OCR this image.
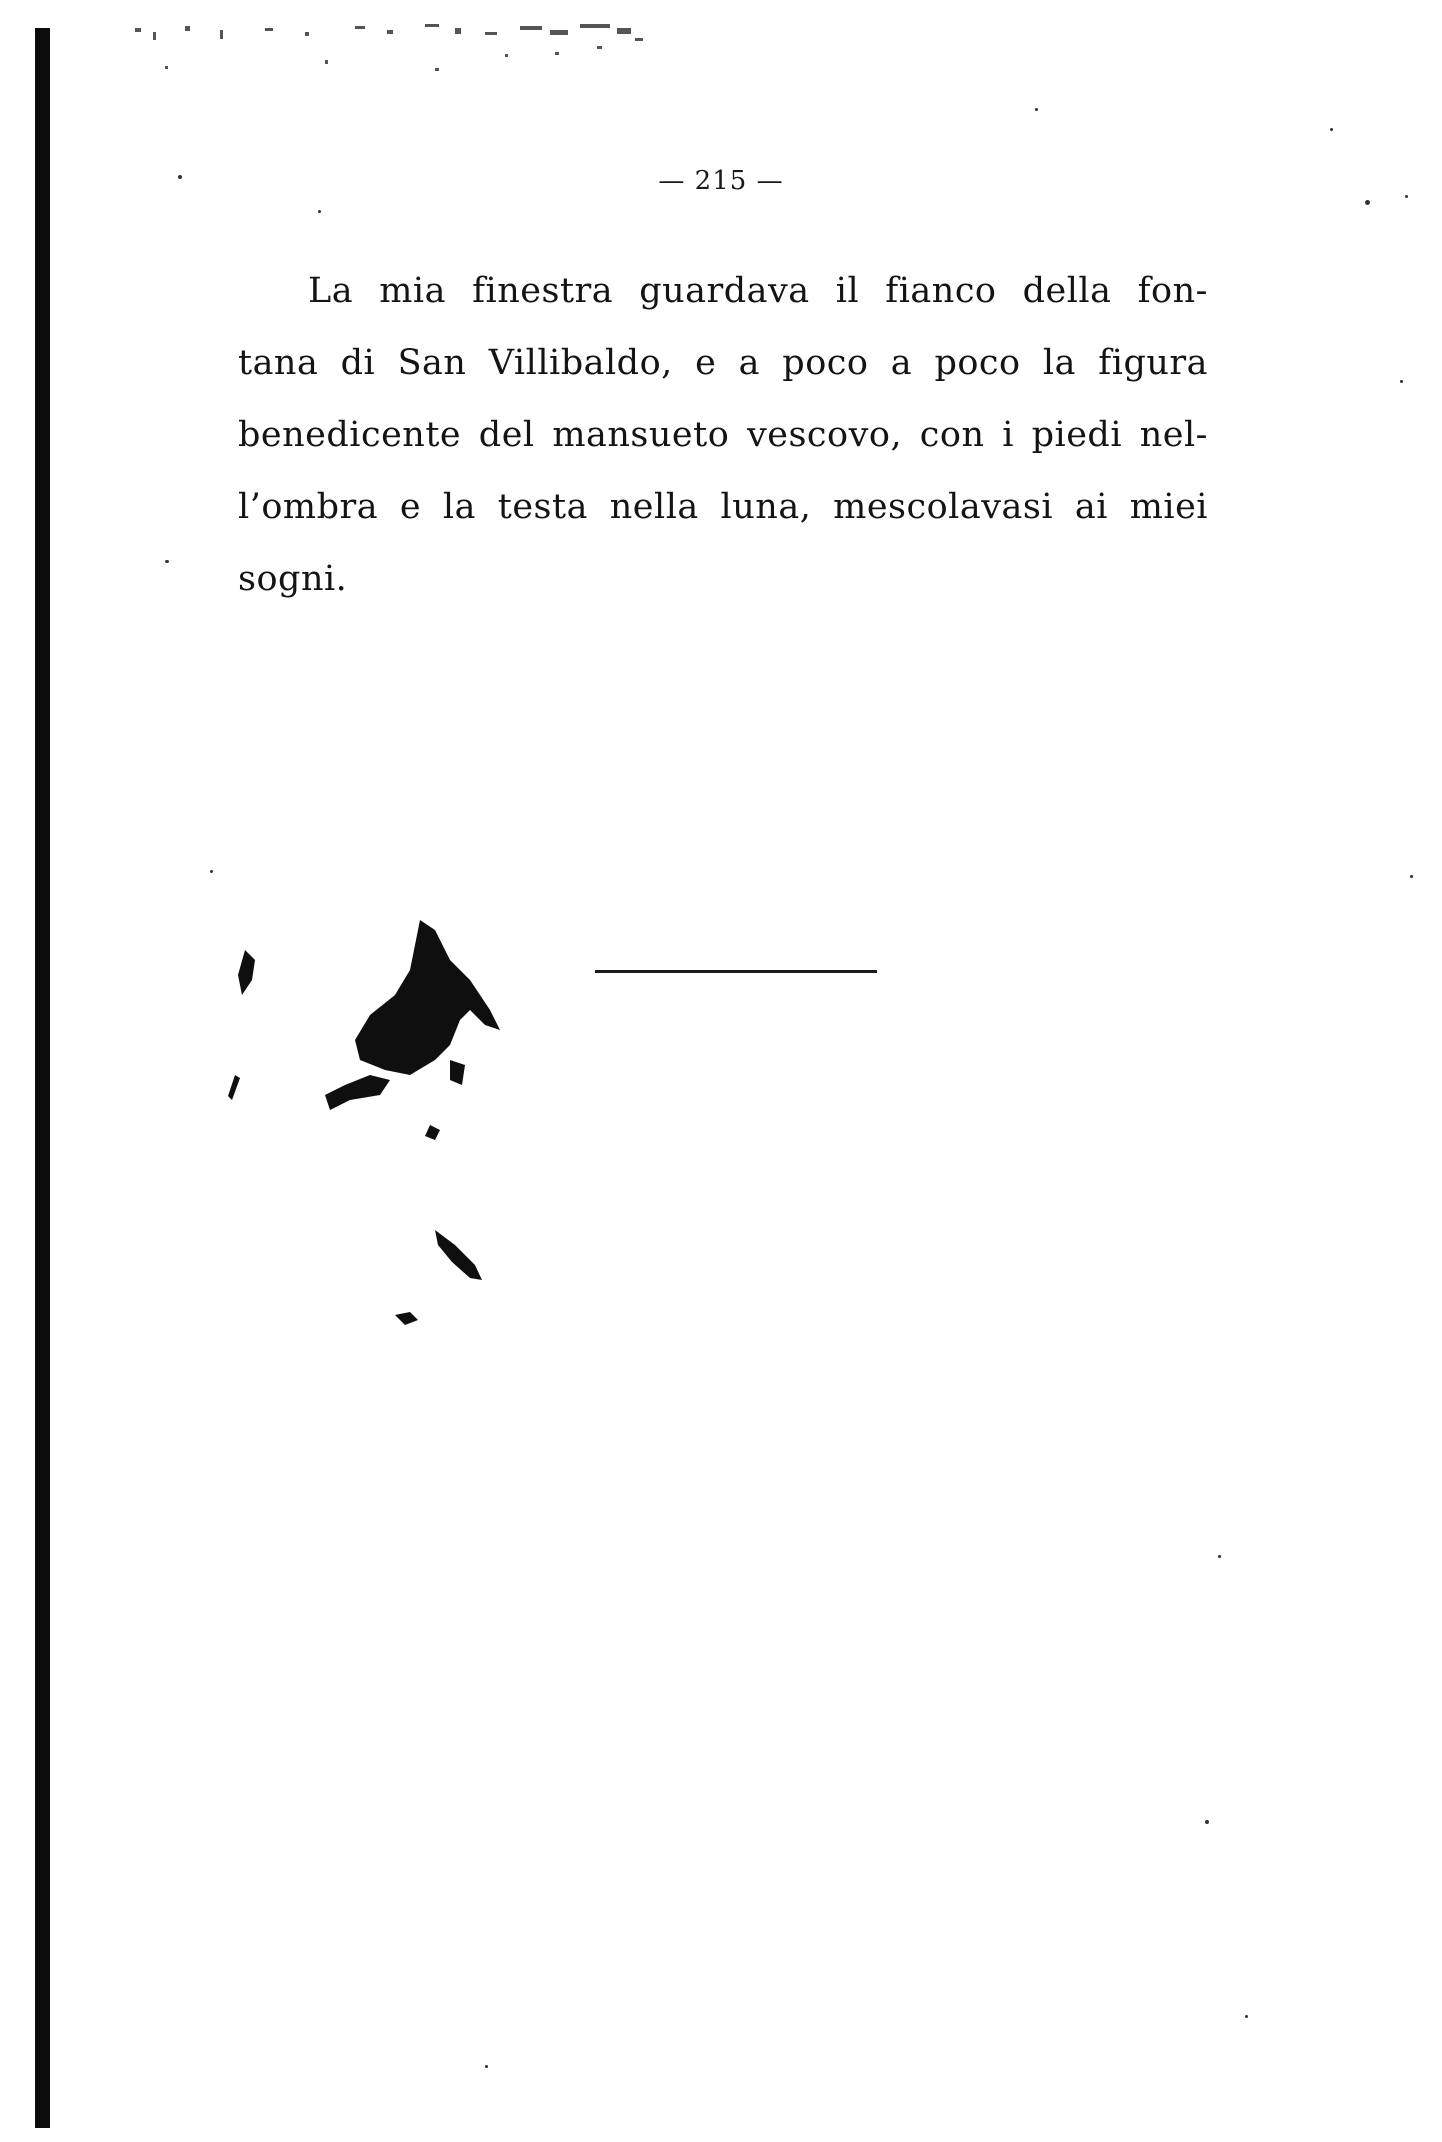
— 215 —
La mia finestra guardava il fianco della fon-
tana di San Villibaldo, e a poco a poco la figura
benedicente del mansueto vescovo, con i piedi nel-
l’ombra e la testa nella luna, mescolavasi ai miei
sogni.
